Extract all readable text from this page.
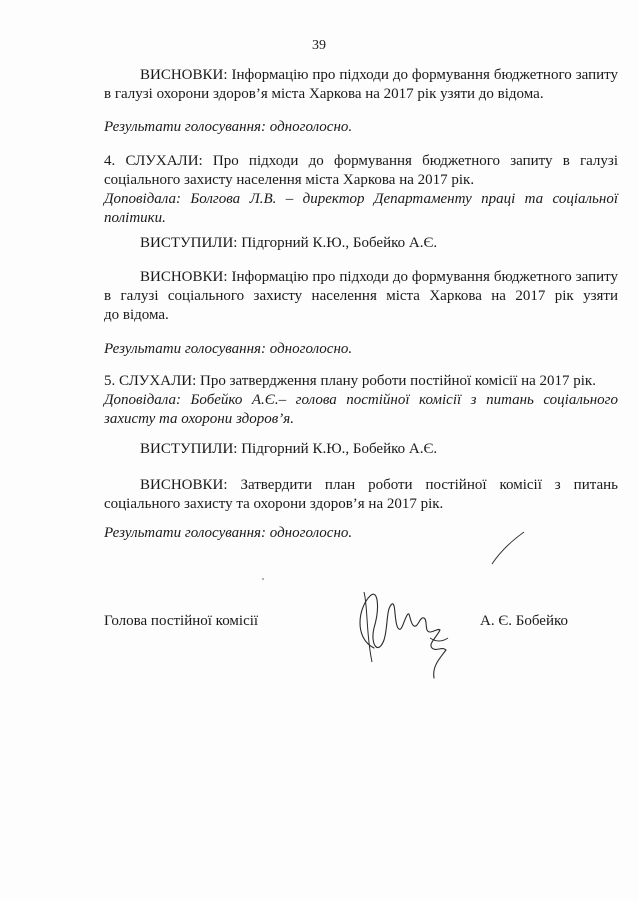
39
ВИСНОВКИ: Інформацію про підходи до формування бюджетного запиту
в галузі охорони здоров’я міста Харкова на 2017 рік узяти до відома.
Результати голосування: одноголосно.
4. СЛУХАЛИ: Про підходи до формування бюджетного запиту в галузі
соціального захисту населення міста Харкова на 2017 рік.
Доповідала: Болгова Л.В. – директор Департаменту праці та соціальної
політики.
ВИСТУПИЛИ: Підгорний К.Ю., Бобейко А.Є.
ВИСНОВКИ: Інформацію про підходи до формування бюджетного запиту
в галузі соціального захисту населення міста Харкова на 2017 рік узяти
до відома.
Результати голосування: одноголосно.
5. СЛУХАЛИ: Про затвердження плану роботи постійної комісії на 2017 рік.
Доповідала: Бобейко А.Є.– голова постійної комісії з питань соціального
захисту та охорони здоров’я.
ВИСТУПИЛИ: Підгорний К.Ю., Бобейко А.Є.
ВИСНОВКИ: Затвердити план роботи постійної комісії з питань
соціального захисту та охорони здоров’я на 2017 рік.
Результати голосування: одноголосно.
Голова постійної комісії	А. Є. Бобейко
